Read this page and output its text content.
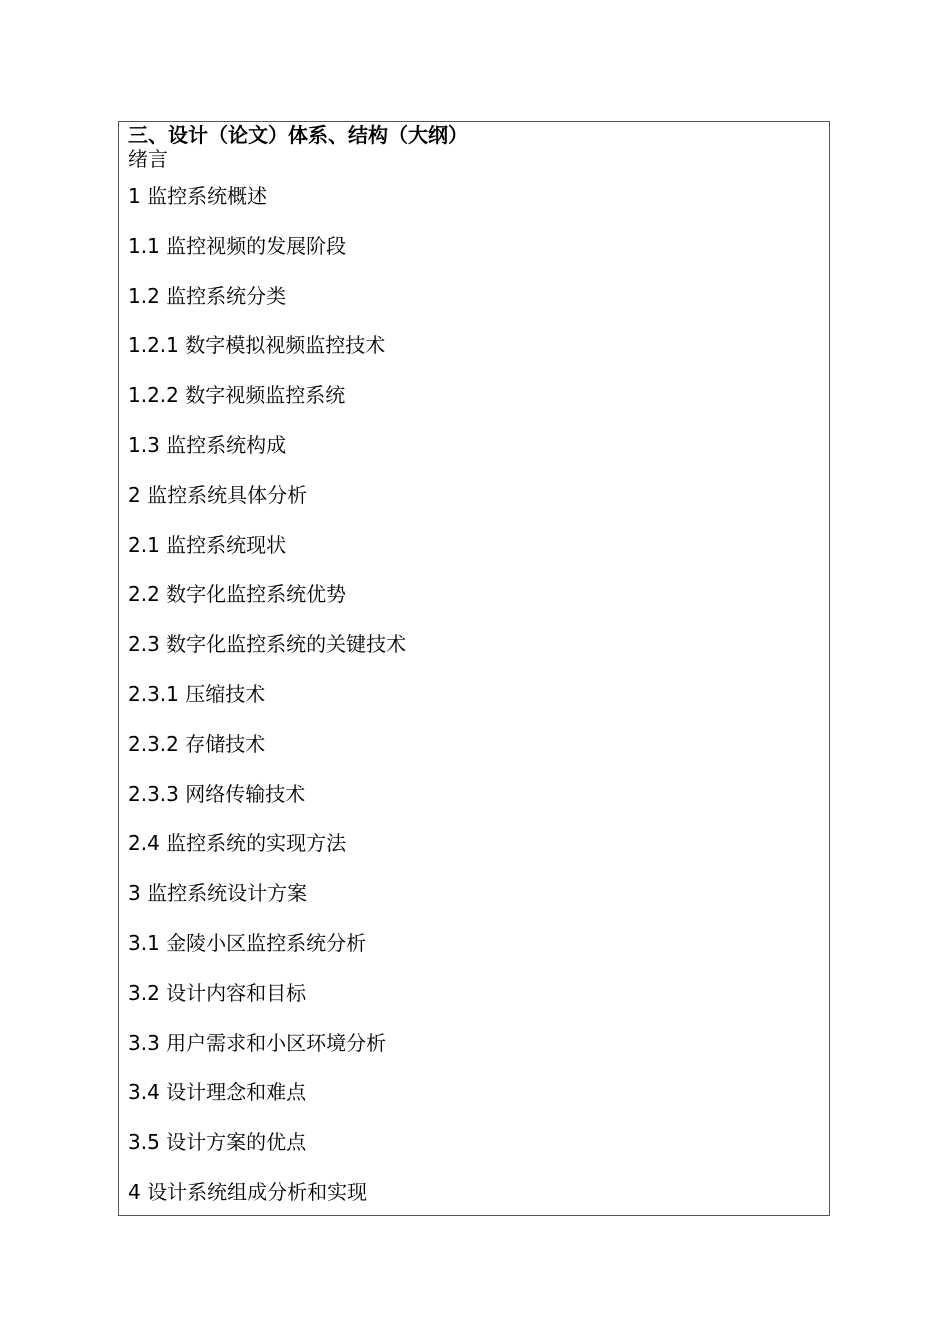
三、设计（论文）体系、结构（大纲）
绪言
1 监控系统概述
1.1 监控视频的发展阶段
1.2 监控系统分类
1.2.1 数字模拟视频监控技术
1.2.2 数字视频监控系统
1.3 监控系统构成
2 监控系统具体分析
2.1 监控系统现状
2.2 数字化监控系统优势
2.3 数字化监控系统的关键技术
2.3.1 压缩技术
2.3.2 存储技术
2.3.3 网络传输技术
2.4 监控系统的实现方法
3 监控系统设计方案
3.1 金陵小区监控系统分析
3.2 设计内容和目标
3.3 用户需求和小区环境分析
3.4 设计理念和难点
3.5 设计方案的优点
4 设计系统组成分析和实现
